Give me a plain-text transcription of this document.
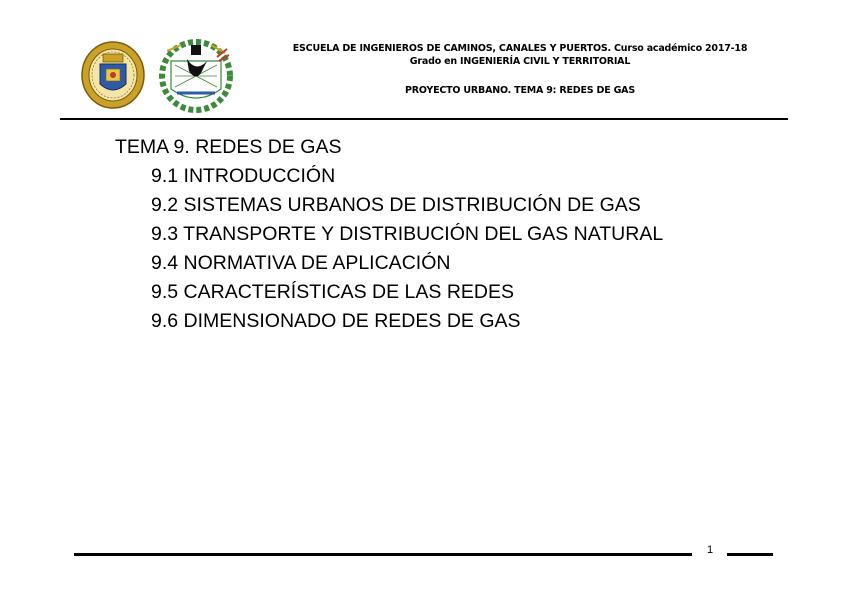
ESCUELA DE INGENIEROS DE CAMINOS, CANALES Y PUERTOS. Curso académico 2017-18
Grado en INGENIERÍA CIVIL Y TERRITORIAL
PROYECTO URBANO. TEMA 9: REDES DE GAS
TEMA 9. REDES DE GAS
9.1 INTRODUCCIÓN
9.2 SISTEMAS URBANOS DE DISTRIBUCIÓN DE GAS
9.3 TRANSPORTE Y DISTRIBUCIÓN DEL GAS NATURAL
9.4 NORMATIVA DE APLICACIÓN
9.5 CARACTERÍSTICAS DE LAS REDES
9.6 DIMENSIONADO DE REDES DE GAS
1
